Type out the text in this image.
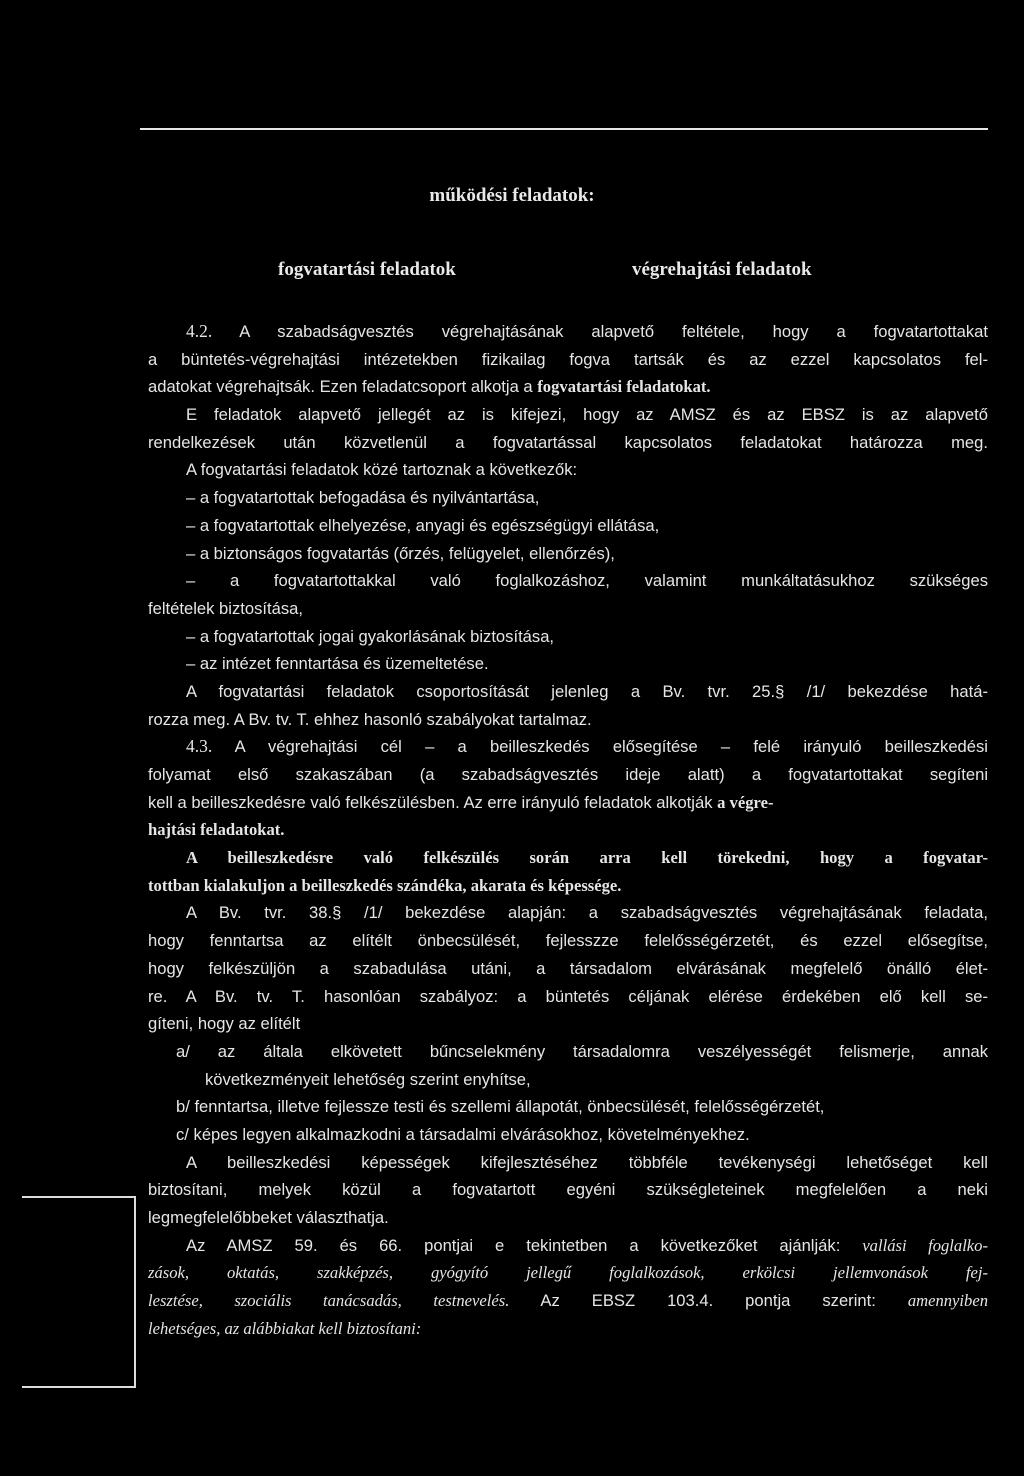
működési feladatok:
fogvatartási feladatok	végrehajtási feladatok
4.2. A szabadságvesztés végrehajtásának alapvető feltétele, hogy a fogvatartottakat
a büntetés-végrehajtási intézetekben fizikailag fogva tartsák és az ezzel kapcsolatos fel-
adatokat végrehajtsák. Ezen feladatcsoport alkotja a fogvatartási feladatokat.
E feladatok alapvető jellegét az is kifejezi, hogy az AMSZ és az EBSZ is az alapvető
rendelkezések után közvetlenül a fogvatartással kapcsolatos feladatokat határozza meg.
A fogvatartási feladatok közé tartoznak a következők:
– a fogvatartottak befogadása és nyilvántartása,
– a fogvatartottak elhelyezése, anyagi és egészségügyi ellátása,
– a biztonságos fogvatartás (őrzés, felügyelet, ellenőrzés),
– a fogvatartottakkal való foglalkozáshoz, valamint munkáltatásukhoz szükséges
feltételek biztosítása,
– a fogvatartottak jogai gyakorlásának biztosítása,
– az intézet fenntartása és üzemeltetése.
A fogvatartási feladatok csoportosítását jelenleg a Bv. tvr. 25.§ /1/ bekezdése hatá-
rozza meg. A Bv. tv. T. ehhez hasonló szabályokat tartalmaz.
4.3. A végrehajtási cél – a beilleszkedés elősegítése – felé irányuló beilleszkedési
folyamat első szakaszában (a szabadságvesztés ideje alatt) a fogvatartottakat segíteni
kell a beilleszkedésre való felkészülésben. Az erre irányuló feladatok alkotják a végre-
hajtási feladatokat.
A beilleszkedésre való felkészülés során arra kell törekedni, hogy a fogvatar-
tottban kialakuljon a beilleszkedés szándéka, akarata és képessége.
A Bv. tvr. 38.§ /1/ bekezdése alapján: a szabadságvesztés végrehajtásának feladata,
hogy fenntartsa az elítélt önbecsülését, fejlesszze felelősségérzetét, és ezzel elősegítse,
hogy felkészüljön a szabadulása utáni, a társadalom elvárásának megfelelő önálló élet-
re. A Bv. tv. T. hasonlóan szabályoz: a büntetés céljának elérése érdekében elő kell se-
gíteni, hogy az elítélt
a/ az általa elkövetett bűncselekmény társadalomra veszélyességét felismerje, annak
következményeit lehetőség szerint enyhítse,
b/ fenntartsa, illetve fejlessze testi és szellemi állapotát, önbecsülését, felelősségérzetét,
c/ képes legyen alkalmazkodni a társadalmi elvárásokhoz, követelményekhez.
A beilleszkedési képességek kifejlesztéséhez többféle tevékenységi lehetőséget kell
biztosítani, melyek közül a fogvatartott egyéni szükségleteinek megfelelően a neki
legmegfelelőbbeket választhatja.
Az AMSZ 59. és 66. pontjai e tekintetben a következőket ajánlják: vallási foglalko-
zások, oktatás, szakképzés, gyógyító jellegű foglalkozások, erkölcsi jellemvonások fej-
lesztése, szociális tanácsadás, testnevelés. Az EBSZ 103.4. pontja szerint: amennyiben
lehetséges, az alábbiakat kell biztosítani:
